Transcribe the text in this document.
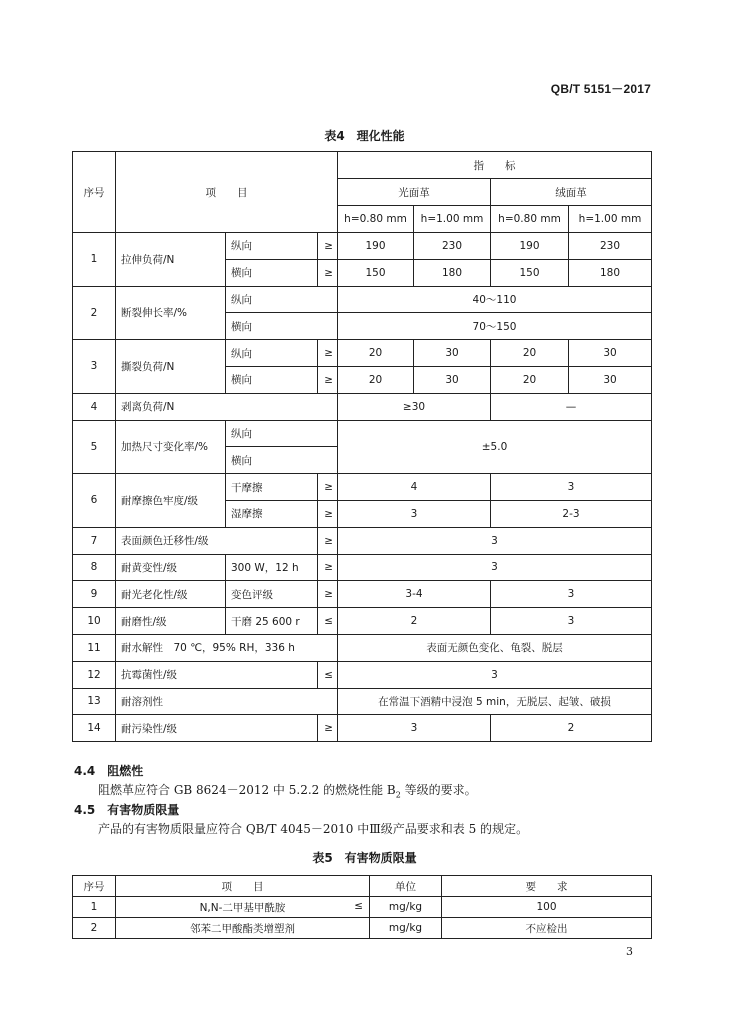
QB/T 5151－2017
表4　理化性能
序号	项　　目			指　　标			
				光面革		绒面革	
				h=0.80 mm	h=1.00 mm	h=0.80 mm	h=1.00 mm
1	拉伸负荷/N	纵向	≥	190	230	190	230
		横向	≥	150	180	150	180
2	断裂伸长率/%	纵向		40～110			
		横向		70～150			
3	撕裂负荷/N	纵向	≥	20	30	20	30
		横向	≥	20	30	20	30
4	剥离负荷/N			≥30		—	
5	加热尺寸变化率/%	纵向		±5.0			
		横向					
6	耐摩擦色牢度/级	干摩擦	≥	4		3	
		湿摩擦	≥	3		2-3	
7	表面颜色迁移性/级		≥	3			
8	耐黄变性/级	300 W，12 h	≥	3			
9	耐光老化性/级	变色评级	≥	3-4		3	
10	耐磨性/级	干磨 25 600 r	≤	2		3	
11	耐水解性　70 ℃，95% RH，336 h			表面无颜色变化、龟裂、脱层			
12	抗霉菌性/级		≤	3			
13	耐溶剂性			在常温下酒精中浸泡 5 min，无脱层、起皱、破损			
14	耐污染性/级		≥	3		2	
4.4　阻燃性
阻燃革应符合 GB 8624－2012 中 5.2.2 的燃烧性能 $B_2$ 等级的要求。
4.5　有害物质限量
产品的有害物质限量应符合 QB/T 4045－2010 中Ⅲ级产品要求和表 5 的规定。
表5　有害物质限量
序号	项　　目	单位	要　　求
1	N,N-二甲基甲酰胺 ≤	mg/kg	100
2	邻苯二甲酸酯类增塑剂	mg/kg	不应检出
3
